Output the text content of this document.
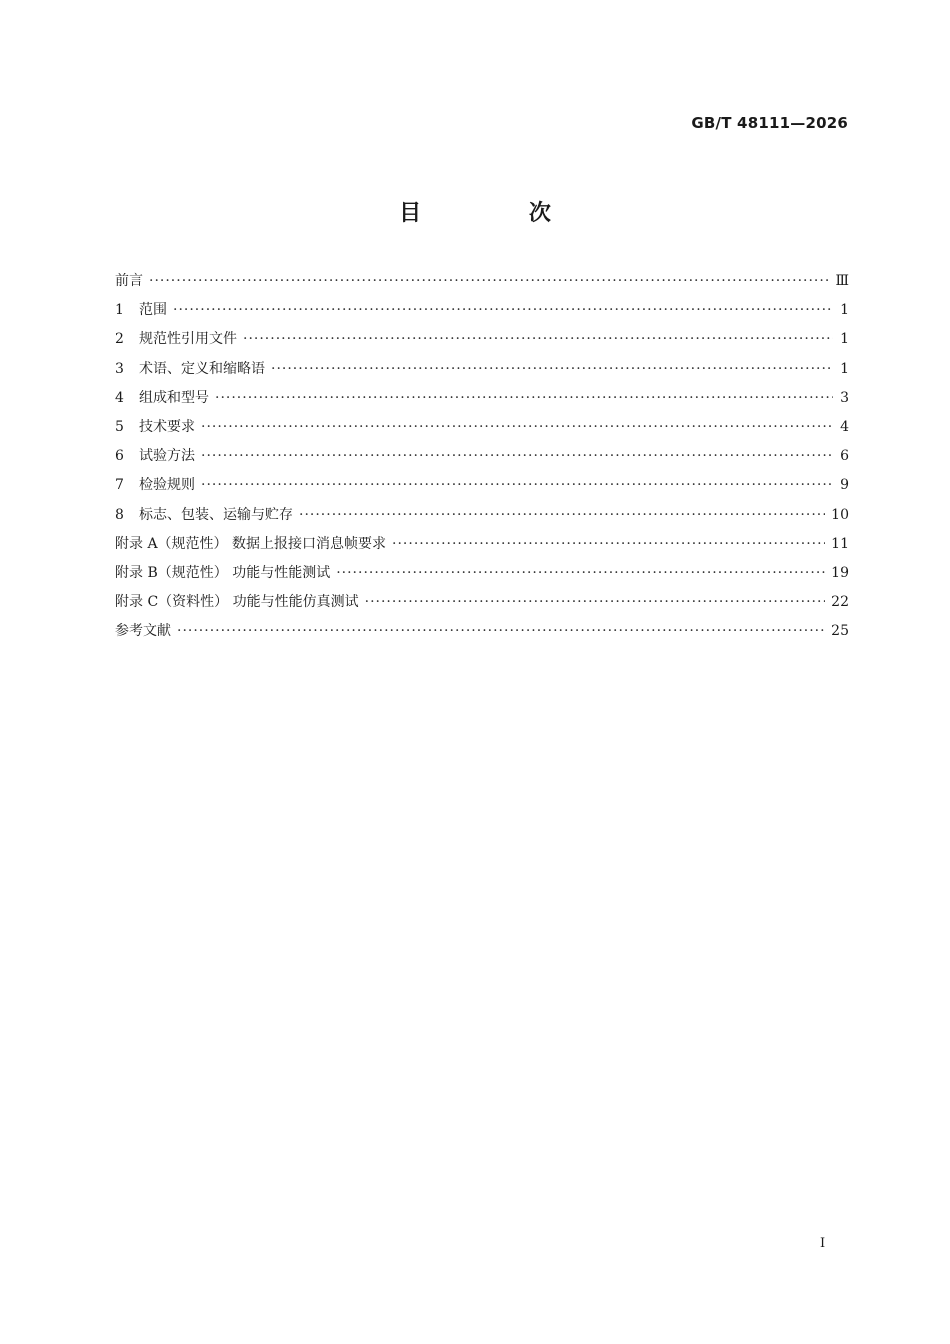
GB/T 48111—2026
目 次
前言 ·····	Ⅲ
1	范围 ·····	1
2	规范性引用文件 ·····	1
3	术语、定义和缩略语 ·····	1
4	组成和型号 ·····	3
5	技术要求 ·····	4
6	试验方法 ·····	6
7	检验规则 ·····	9
8	标志、包装、运输与贮存 ·····	10
附录 A（规范性） 数据上报接口消息帧要求 ·····	11
附录 B（规范性） 功能与性能测试 ·····	19
附录 C（资料性） 功能与性能仿真测试 ·····	22
参考文献 ·····	25
I
